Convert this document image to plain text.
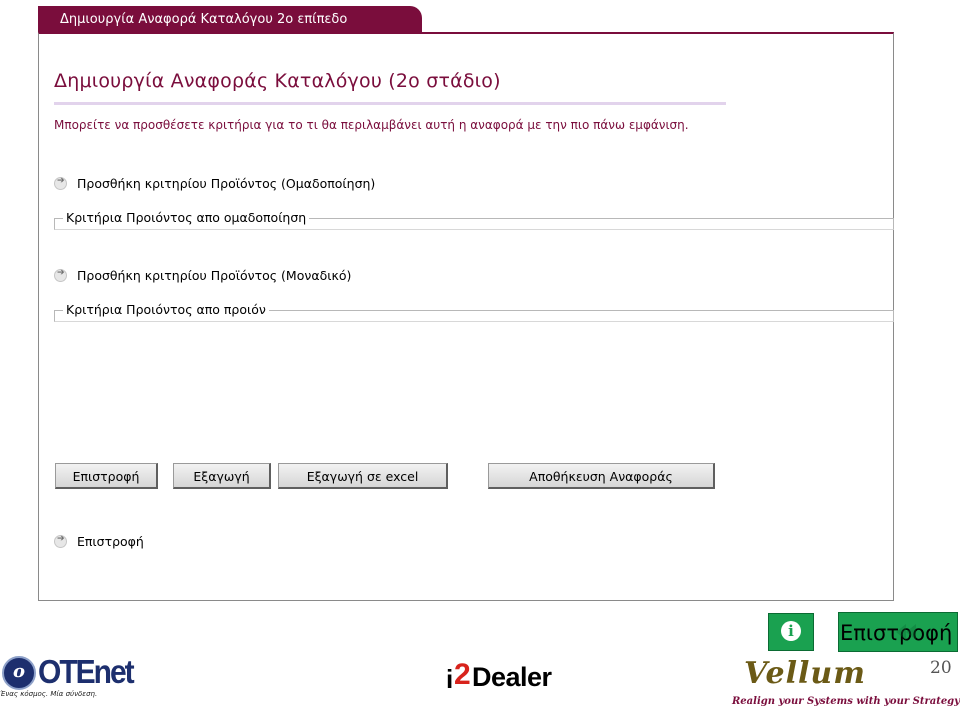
Δημιουργία Αναφορά Καταλόγου 2ο επίπεδο
Δημιουργία Αναφοράς Καταλόγου (2ο στάδιο)
Μπορείτε να προσθέσετε κριτήρια για το τι θα περιλαμβάνει αυτή η αναφορά με την πιο πάνω εμφάνιση.
➔
Προσθήκη κριτηρίου Προϊόντος (Ομαδοποίηση)
Κριτήρια Προιόντος απο ομαδοποίηση
➔
Προσθήκη κριτηρίου Προϊόντος (Μοναδικό)
Κριτήρια Προιόντος απο προιόν
Επιστροφή	Εξαγωγή	Εξαγωγή σε excel	Αποθήκευση Αναφοράς
➔
Επιστροφή
i	Επιστροφή
20
o OTEnet
Ένας κόσμος. Μία σύνδεση.	i 2 Dealer	Vellum
Realign your Systems with your Strategy
